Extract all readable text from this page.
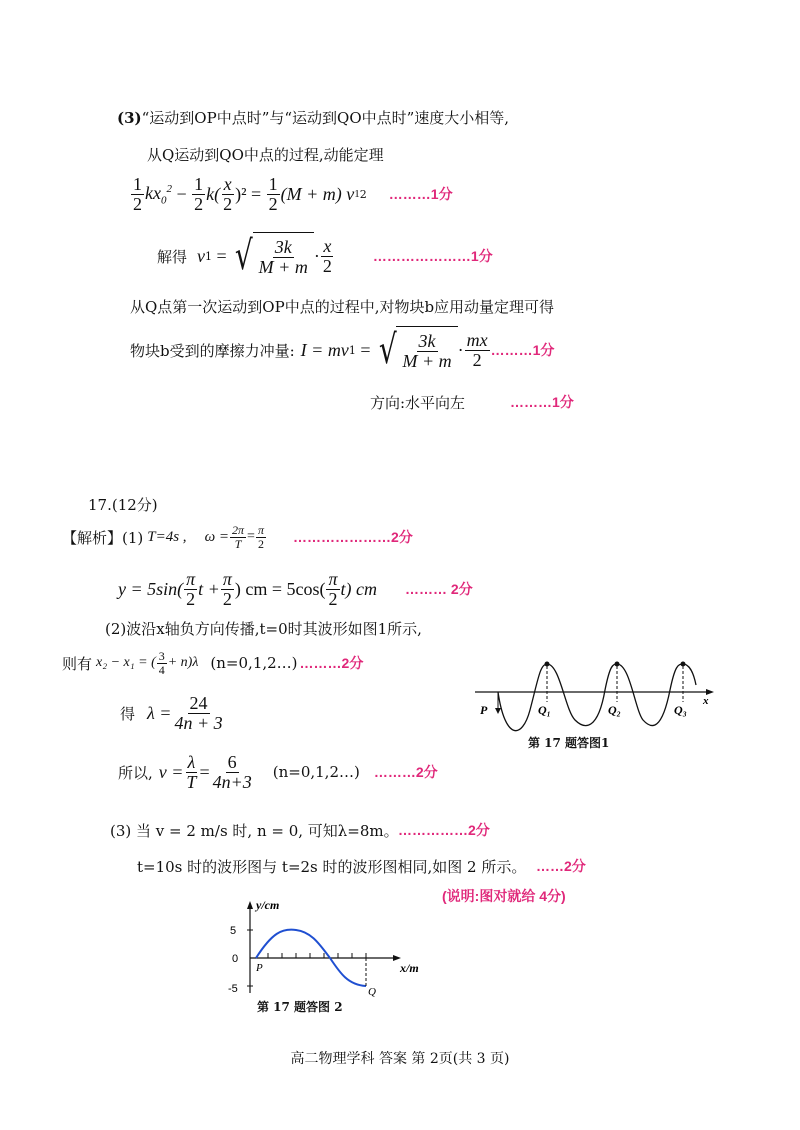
(3)“运动到OP中点时”与“运动到QO中点时”速度大小相等,
从Q运动到QO中点的过程,动能定理
$\frac{1}{2} kx_0^2 - \frac{1}{2} k( \frac{x}{2} )^2 = \frac{1}{2} (M + m)$ v 1 2 ………1分
解得 v 1 = √ $\frac{3k}{M + m} \cdot \frac{x}{2}$	…………………1分
从Q点第一次运动到OP中点的过程中,对物块b应用动量定理可得
物块b受到的摩擦力冲量: I = mv 1 = √ $\frac{3k}{M + m} \cdot \frac{mx}{2}$ ………1分
方向:水平向左	………1分
17.(12分)
【解析】(1) T=4s , $\omega = \frac{2\pi}{T} = \frac{\pi}{2}$ …………………2分
$y = 5\sin( \frac{\pi}{2}$ $t + \frac{\pi}{2}$ ) cm = $5\cos( \frac{\pi}{2} t)$ cm ……… 2分
(2)波沿x轴负方向传播,t=0时其波形如图1所示,
则有 x₂ − x₁ = ( $\frac{3}{4} + n)\lambda$ (n=0,1,2…) ………2分
得 $\lambda = \frac{24}{4n + 3}$
所以, $v = \frac{\lambda}{T} = \frac{6}{4n+3}$ (n=0,1,2…) ………2分
(3) 当 v = 2 m/s 时, n = 0, 可知λ=8m。 ……………2分
t=10s 时的波形图与 t=2s 时的波形图相同,如图 2 所示。 ……2分
(说明:图对就给 4分)
P	Q₁	Q₂	Q₃
x
第 17 题答图1
5
0
-5
y/cm
x/m
P
Q
第 17 题答图 2
高二物理学科 答案 第 2页(共 3 页)
